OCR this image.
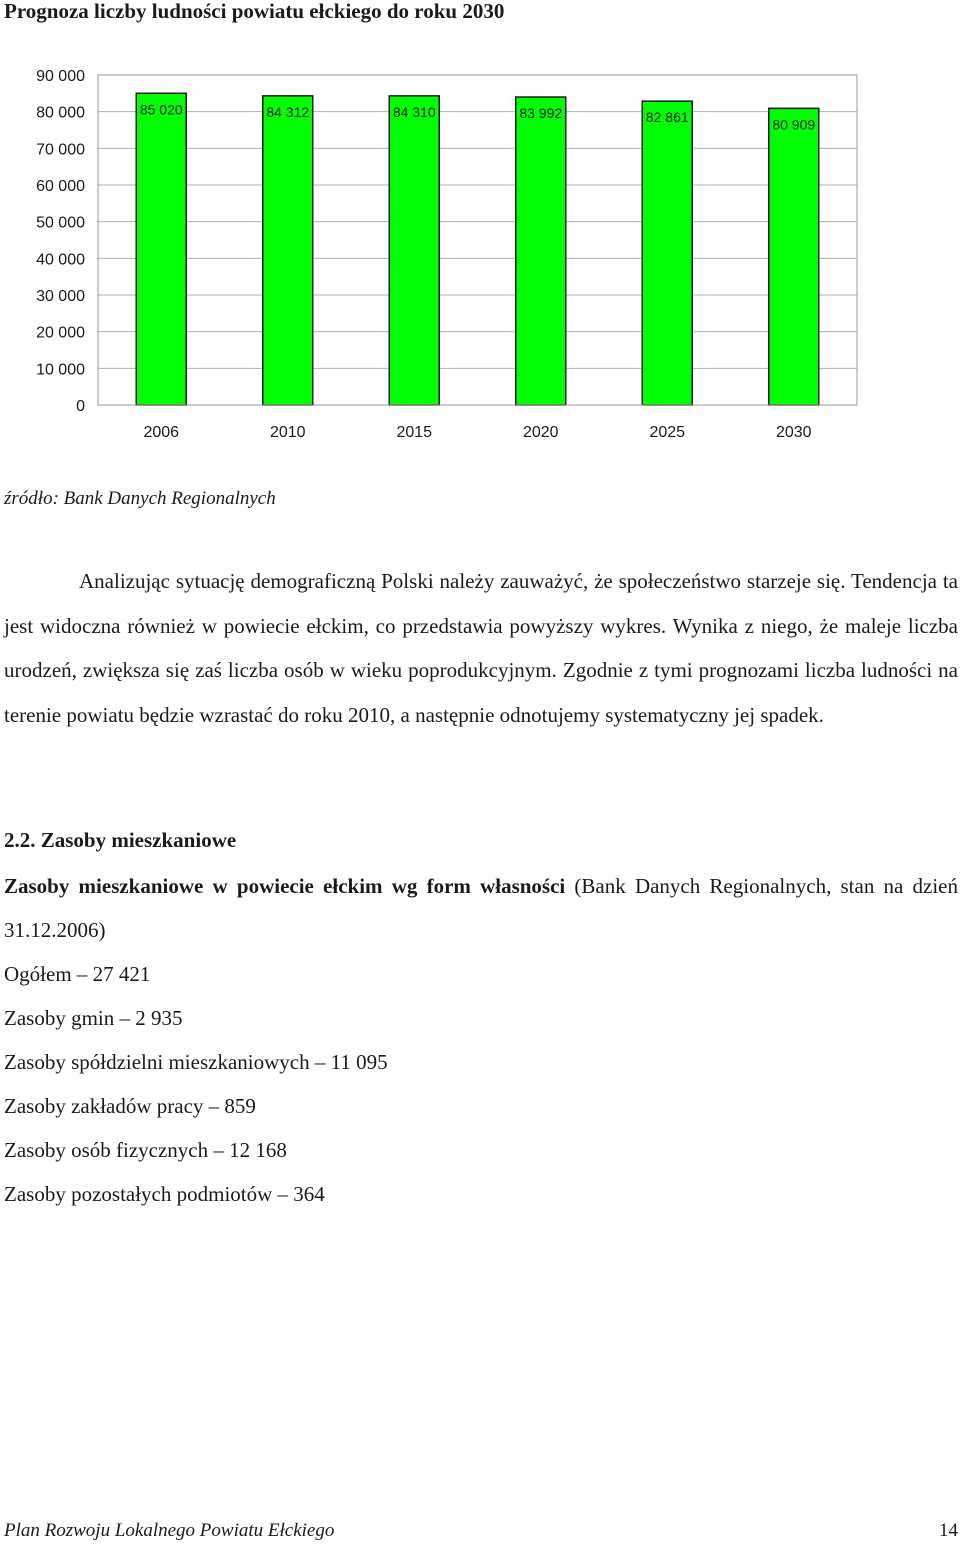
Prognoza liczby ludności powiatu ełckiego do roku 2030
0
10 000
20 000
30 000
40 000
50 000
60 000
70 000
80 000
90 000
85 020	84 312	84 310	83 992	82 861	80 909
2006	2010	2015	2020	2025	2030
źródło: Bank Danych Regionalnych

Analizując sytuację demograficzną Polski należy zauważyć, że społeczeństwo starzeje się. Tendencja ta jest widoczna również w powiecie ełckim, co przedstawia powyższy wykres. Wynika z niego, że maleje liczba urodzeń, zwiększa się zaś liczba osób w wieku poprodukcyjnym. Zgodnie z tymi prognozami liczba ludności na terenie powiatu będzie wzrastać do roku 2010, a następnie odnotujemy systematyczny jej spadek.

2.2. Zasoby mieszkaniowe

Zasoby mieszkaniowe w powiecie ełckim wg form własności (Bank Danych Regionalnych, stan na dzień 31.12.2006)

Ogółem – 27 421
Zasoby gmin – 2 935
Zasoby spółdzielni mieszkaniowych – 11 095
Zasoby zakładów pracy – 859
Zasoby osób fizycznych – 12 168
Zasoby pozostałych podmiotów – 364
Plan Rozwoju Lokalnego Powiatu Ełckiego	14
